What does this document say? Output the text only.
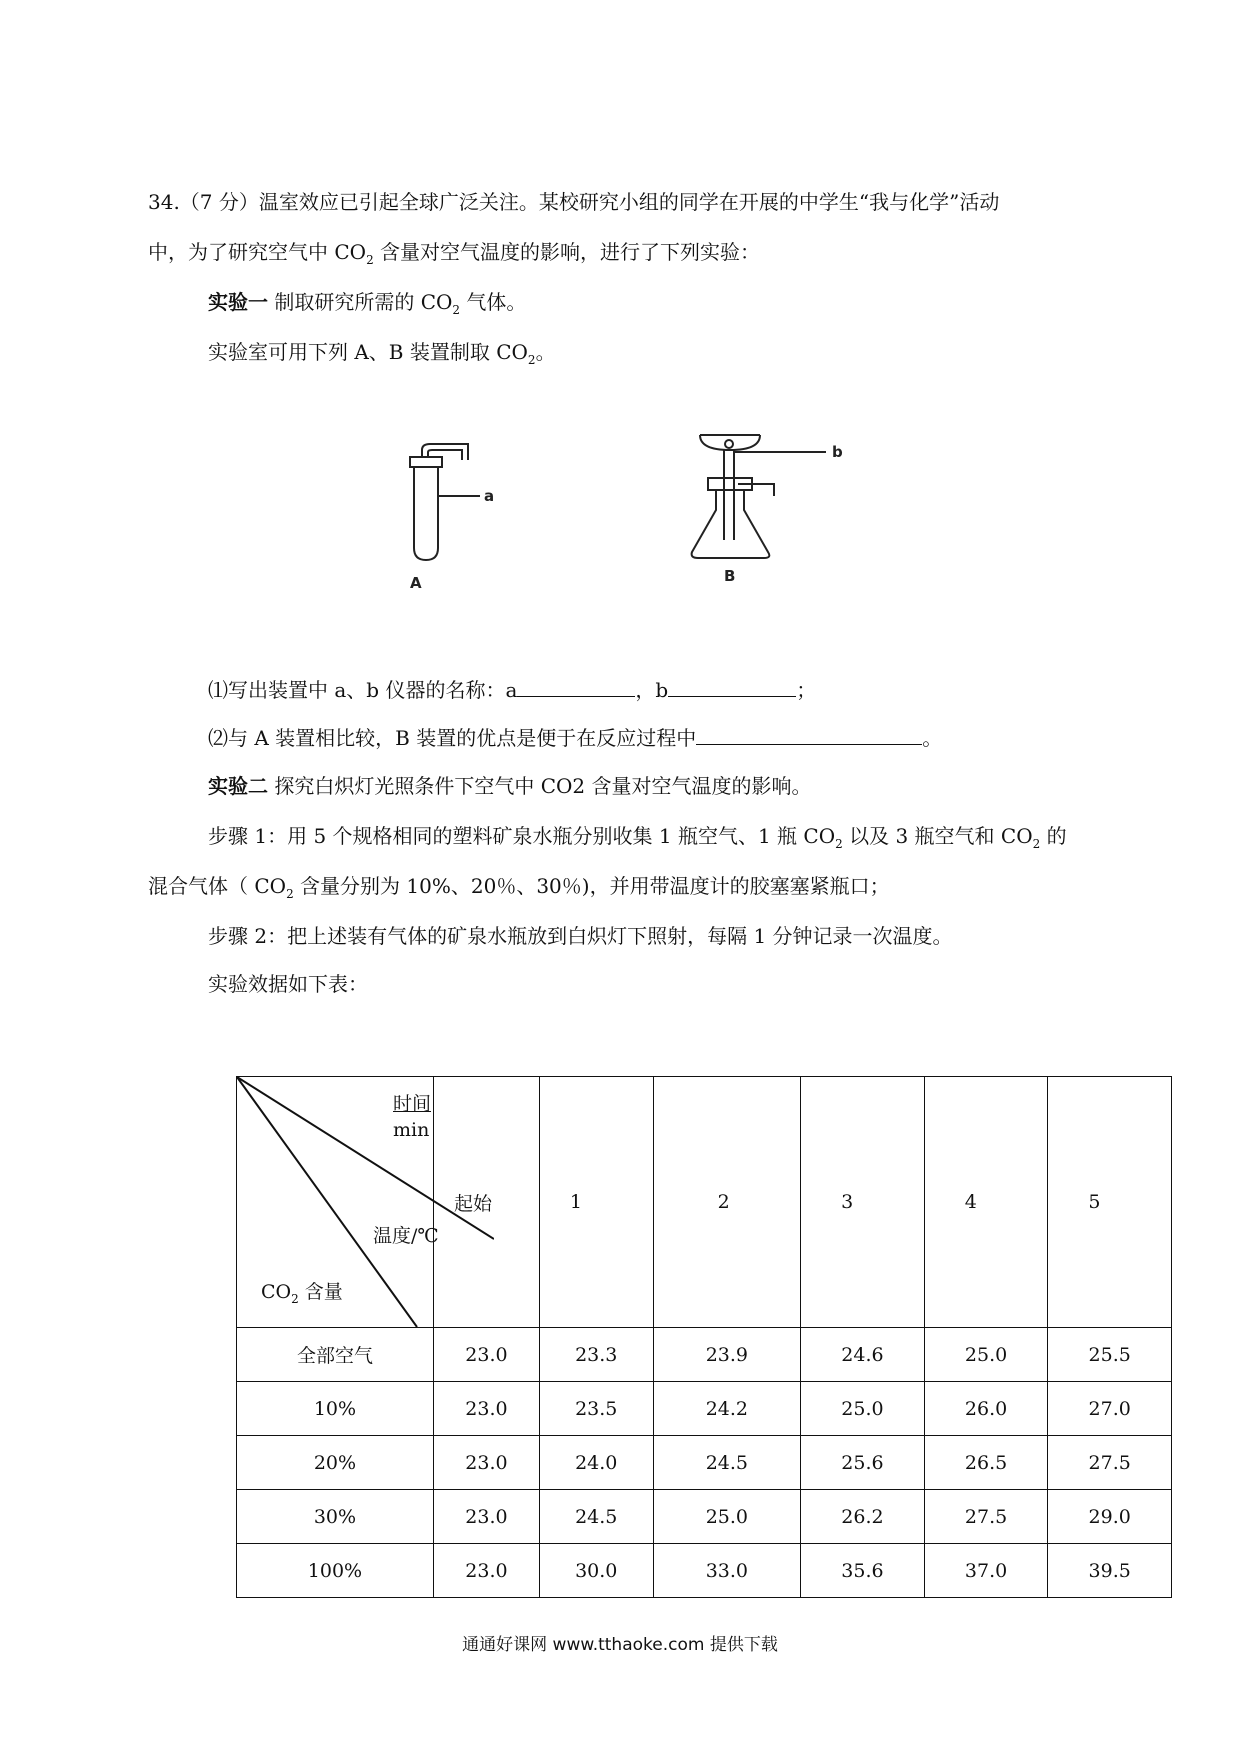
34.（7 分）温室效应已引起全球广泛关注。某校研究小组的同学在开展的中学生“我与化学”活动
中，为了研究空气中 $CO_2$ 含量对空气温度的影响，进行了下列实验：
实验一 制取研究所需的 $CO_2$ 气体。
实验室可用下列 A、B 装置制取 $CO_2$。
a
A
b
B
⑴写出装置中 a、b 仪器的名称：a	，b	；
⑵与 A 装置相比较，B 装置的优点是便于在反应过程中	。
实验二 探究白炽灯光照条件下空气中 CO2 含量对空气温度的影响。
步骤 1：用 5 个规格相同的塑料矿泉水瓶分别收集 1 瓶空气、1 瓶 $CO_2$ 以及 3 瓶空气和 $CO_2$ 的
混合气体（ $CO_2$ 含量分别为 10%、20％、30％)，并用带温度计的胶塞塞紧瓶口；
步骤 2：把上述装有气体的矿泉水瓶放到白炽灯下照射，每隔 1 分钟记录一次温度。
实验效据如下表：
时间
min
温度/℃
$CO_2$ 含量	起始	1	2	3	4	5
全部空气	23.0	23.3	23.9	24.6	25.0	25.5
10%	23.0	23.5	24.2	25.0	26.0	27.0
20%	23.0	24.0	24.5	25.6	26.5	27.5
30%	23.0	24.5	25.0	26.2	27.5	29.0
100%	23.0	30.0	33.0	35.6	37.0	39.5
通通好课网 www.tthaoke.com 提供下载
